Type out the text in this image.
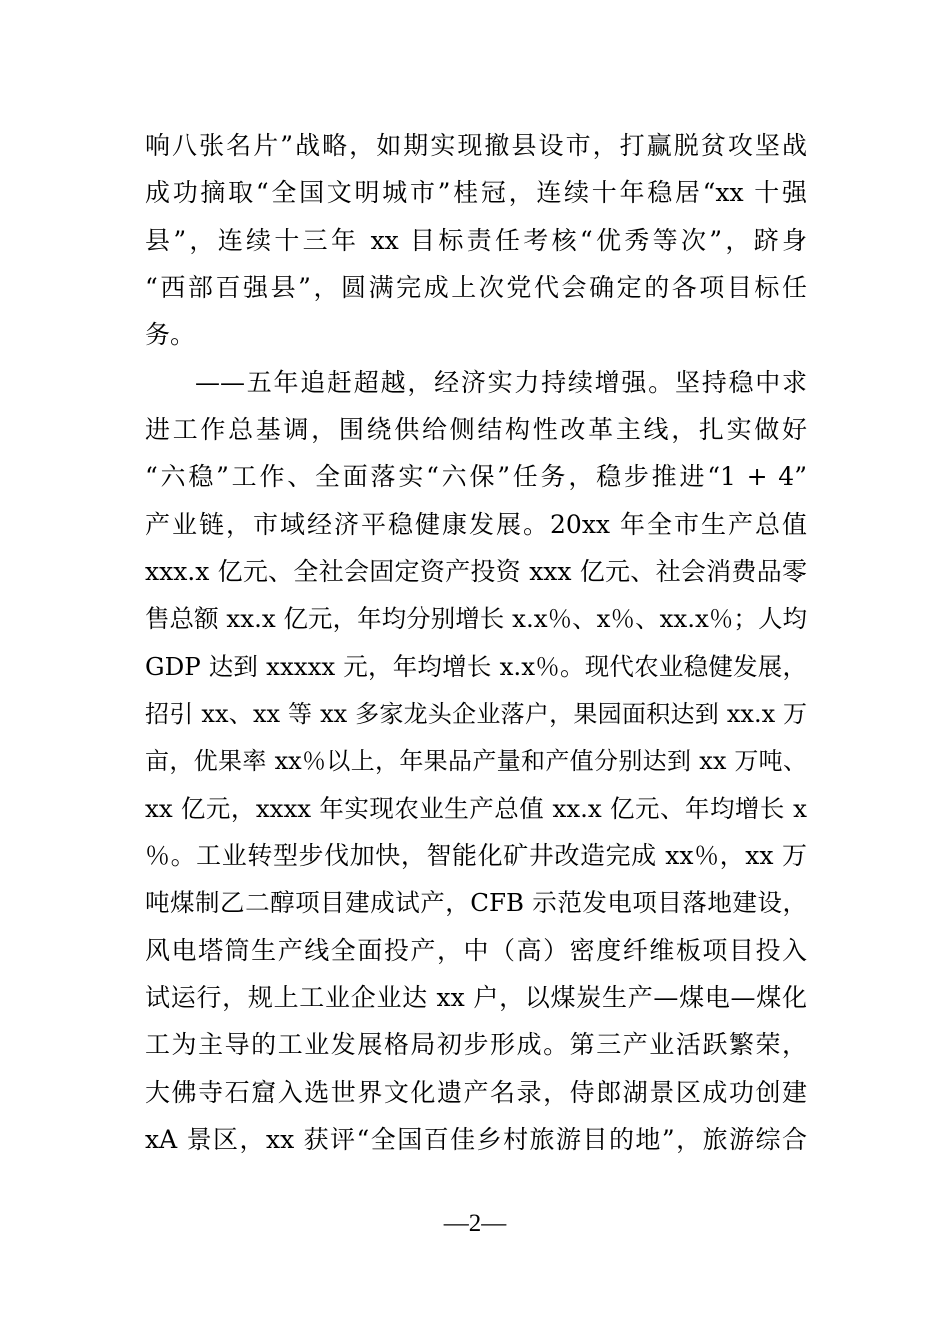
响八张名片”战略，如期实现撤县设市，打赢脱贫攻坚战
成功摘取“全国文明城市”桂冠，连续十年稳居“xx 十强
县”，连续十三年 xx 目标责任考核“优秀等次”，跻身
“西部百强县”，圆满完成上次党代会确定的各项目标任
务。
——五年追赶超越，经济实力持续增强。坚持稳中求
进工作总基调，围绕供给侧结构性改革主线，扎实做好
“六稳”工作、全面落实“六保”任务，稳步推进“1 + 4”
产业链，市域经济平稳健康发展。20xx 年全市生产总值
xxx.x 亿元、全社会固定资产投资 xxx 亿元、社会消费品零
售总额 xx.x 亿元，年均分别增长 x.x％、x％、xx.x％；人均
GDP 达到 xxxxx 元，年均增长 x.x％。现代农业稳健发展，
招引 xx、xx 等 xx 多家龙头企业落户，果园面积达到 xx.x 万
亩，优果率 xx％以上，年果品产量和产值分别达到 xx 万吨、
xx 亿元，xxxx 年实现农业生产总值 xx.x 亿元、年均增长 x
％。工业转型步伐加快，智能化矿井改造完成 xx％，xx 万
吨煤制乙二醇项目建成试产，CFB 示范发电项目落地建设，
风电塔筒生产线全面投产，中（高）密度纤维板项目投入
试运行，规上工业企业达 xx 户，以煤炭生产—煤电—煤化
工为主导的工业发展格局初步形成。第三产业活跃繁荣，
大佛寺石窟入选世界文化遗产名录，侍郎湖景区成功创建
xA 景区，xx 获评“全国百佳乡村旅游目的地”，旅游综合
—2—
